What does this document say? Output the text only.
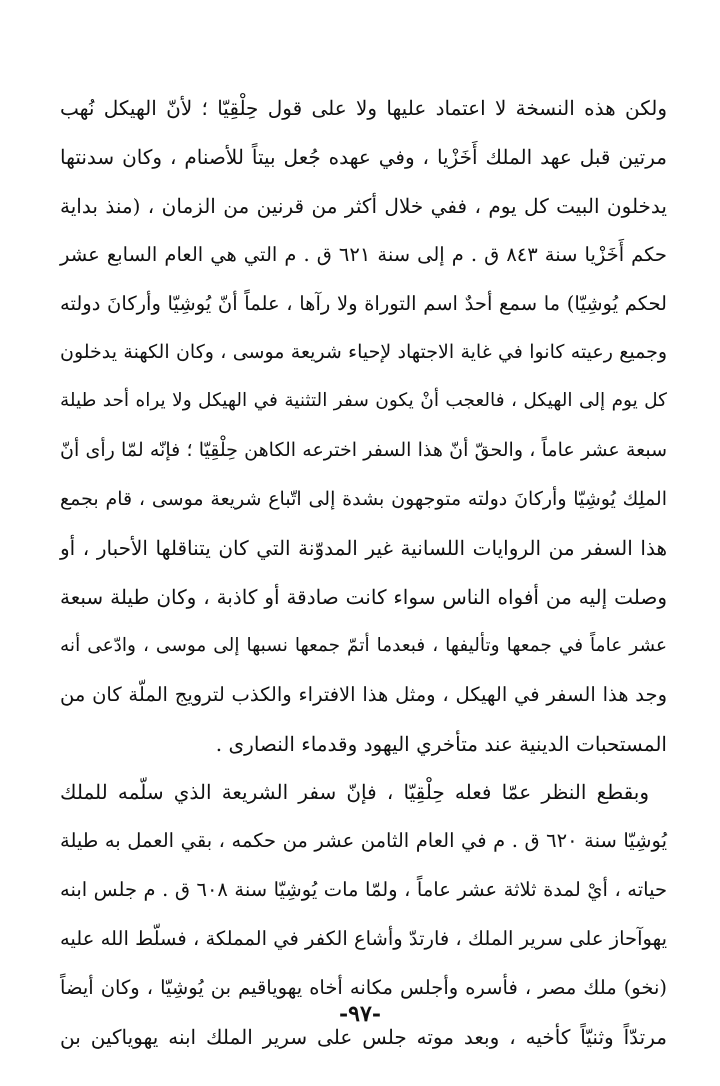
ولكن هذه النسخة لا اعتماد عليها ولا على قول حِلْقِيّا ؛ لأنّ الهيكل نُهب
مرتين قبل عهد الملك أَخَزْيا ، وفي عهده جُعل بيتاً للأصنام ، وكان سدنتها
يدخلون البيت كل يوم ، ففي خلال أكثر من قرنين من الزمان ، (منذ بداية
حكم أَخَزْيا سنة ٨٤٣ ق . م إلى سنة ٦٢١ ق . م التي هي العام السابع عشر
لحكم يُوشِيّا) ما سمع أحدٌ اسم التوراة ولا رآها ، علماً أنّ يُوشِيّا وأركانَ دولته
وجميع رعيته كانوا في غاية الاجتهاد لإحياء شريعة موسى ، وكان الكهنة يدخلون
كل يوم إلى الهيكل ، فالعجب أنْ يكون سفر التثنية في الهيكل ولا يراه أحد طيلة
سبعة عشر عاماً ، والحقّ أنّ هذا السفر اخترعه الكاهن حِلْقِيّا ؛ فإنّه لمّا رأى أنّ
الملِك يُوشِيّا وأركانَ دولته متوجهون بشدة إلى اتّباع شريعة موسى ، قام بجمع
هذا السفر من الروايات اللسانية غير المدوّنة التي كان يتناقلها الأحبار ، أو
وصلت إليه من أفواه الناس سواء كانت صادقة أو كاذبة ، وكان طيلة سبعة
عشر عاماً في جمعها وتأليفها ، فبعدما أتمّ جمعها نسبها إلى موسى ، وادّعى أنه
وجد هذا السفر في الهيكل ، ومثل هذا الافتراء والكذب لترويج الملّة كان من
المستحبات الدينية عند متأخري اليهود وقدماء النصارى .
وبقطع النظر عمّا فعله حِلْقِيّا ، فإنّ سفر الشريعة الذي سلّمه للملك
يُوشِيّا سنة ٦٢٠ ق . م في العام الثامن عشر من حكمه ، بقي العمل به طيلة
حياته ، أيْ لمدة ثلاثة عشر عاماً ، ولمّا مات يُوشِيّا سنة ٦٠٨ ق . م جلس ابنه
يهوآحاز على سرير الملك ، فارتدّ وأشاع الكفر في المملكة ، فسلّط الله عليه
(نخو) ملك مصر ، فأسره وأجلس مكانه أخاه يهوياقيم بن يُوشِيّا ، وكان أيضاً
مرتدّاً وثنيّاً كأخيه ، وبعد موته جلس على سرير الملك ابنه يهوياكين بن
-٩٧-
